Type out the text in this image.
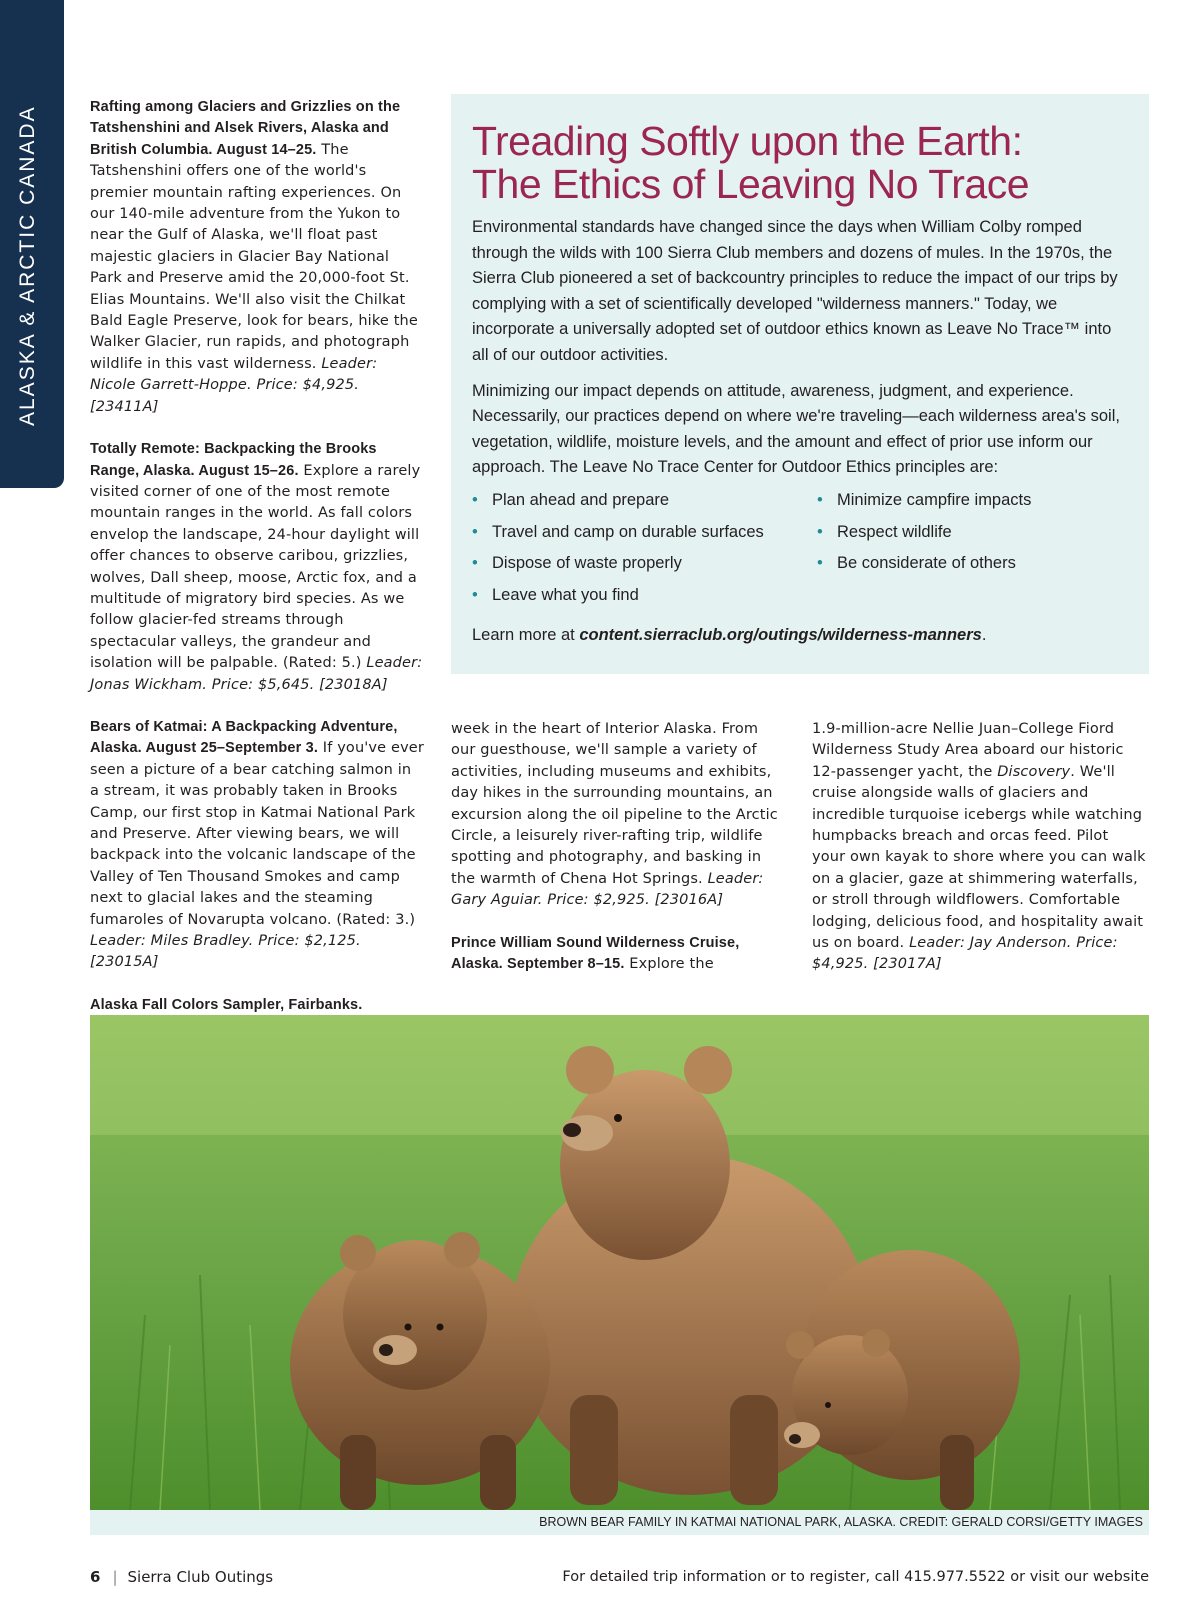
ALASKA & ARCTIC CANADA	Rafting among Glaciers and Grizzlies on the Tatshenshini and Alsek Rivers, Alaska and British Columbia. August 14–25. The Tatshenshini offers one of the world's premier mountain rafting experiences. On our 140-mile adventure from the Yukon to near the Gulf of Alaska, we'll float past majestic glaciers in Glacier Bay National Park and Preserve amid the 20,000-foot St. Elias Mountains. We'll also visit the Chilkat Bald Eagle Preserve, look for bears, hike the Walker Glacier, run rapids, and photograph wildlife in this vast wilderness. Leader: Nicole Garrett-Hoppe. Price: $4,925. [23411A]

Totally Remote: Backpacking the Brooks Range, Alaska. August 15–26. Explore a rarely visited corner of one of the most remote mountain ranges in the world. As fall colors envelop the landscape, 24-hour daylight will offer chances to observe caribou, grizzlies, wolves, Dall sheep, moose, Arctic fox, and a multitude of migratory bird species. As we follow glacier-fed streams through spectacular valleys, the grandeur and isolation will be palpable. (Rated: 5.) Leader: Jonas Wickham. Price: $5,645. [23018A]

Bears of Katmai: A Backpacking Adventure, Alaska. August 25–September 3. If you've ever seen a picture of a bear catching salmon in a stream, it was probably taken in Brooks Camp, our first stop in Katmai National Park and Preserve. After viewing bears, we will backpack into the volcanic landscape of the Valley of Ten Thousand Smokes and camp next to glacial lakes and the steaming fumaroles of Novarupta volcano. (Rated: 3.) Leader: Miles Bradley. Price: $2,125. [23015A]

Alaska Fall Colors Sampler, Fairbanks.

Treading Softly upon the Earth:
The Ethics of Leaving No Trace

Environmental standards have changed since the days when William Colby romped through the wilds with 100 Sierra Club members and dozens of mules. In the 1970s, the Sierra Club pioneered a set of backcountry principles to reduce the impact of our trips by complying with a set of scientifically developed "wilderness manners." Today, we incorporate a universally adopted set of outdoor ethics known as Leave No Trace™ into all of our outdoor activities.

Minimizing our impact depends on attitude, awareness, judgment, and experience. Necessarily, our practices depend on where we're traveling—each wilderness area's soil, vegetation, wildlife, moisture levels, and the amount and effect of prior use inform our approach. The Leave No Trace Center for Outdoor Ethics principles are:

• Plan ahead and prepare
• Travel and camp on durable surfaces
• Dispose of waste properly
• Leave what you find
• Minimize campfire impacts
• Respect wildlife
• Be considerate of others

Learn more at content.sierraclub.org/outings/wilderness-manners.

week in the heart of Interior Alaska. From our guesthouse, we'll sample a variety of activities, including museums and exhibits, day hikes in the surrounding mountains, an excursion along the oil pipeline to the Arctic Circle, a leisurely river-rafting trip, wildlife spotting and photography, and basking in the warmth of Chena Hot Springs. Leader: Gary Aguiar. Price: $2,925. [23016A]

Prince William Sound Wilderness Cruise, Alaska. September 8–15. Explore the

1.9-million-acre Nellie Juan–College Fiord Wilderness Study Area aboard our historic 12-passenger yacht, the Discovery. We'll cruise alongside walls of glaciers and incredible turquoise icebergs while watching humpbacks breach and orcas feed. Pilot your own kayak to shore where you can walk on a glacier, gaze at shimmering waterfalls, or stroll through wildflowers. Comfortable lodging, delicious food, and hospitality await us on board. Leader: Jay Anderson. Price: $4,925. [23017A]

BROWN BEAR FAMILY IN KATMAI NATIONAL PARK, ALASKA. CREDIT: GERALD CORSI/GETTY IMAGES
6 | Sierra Club Outings	For detailed trip information or to register, call 415.977.5522 or visit our website
